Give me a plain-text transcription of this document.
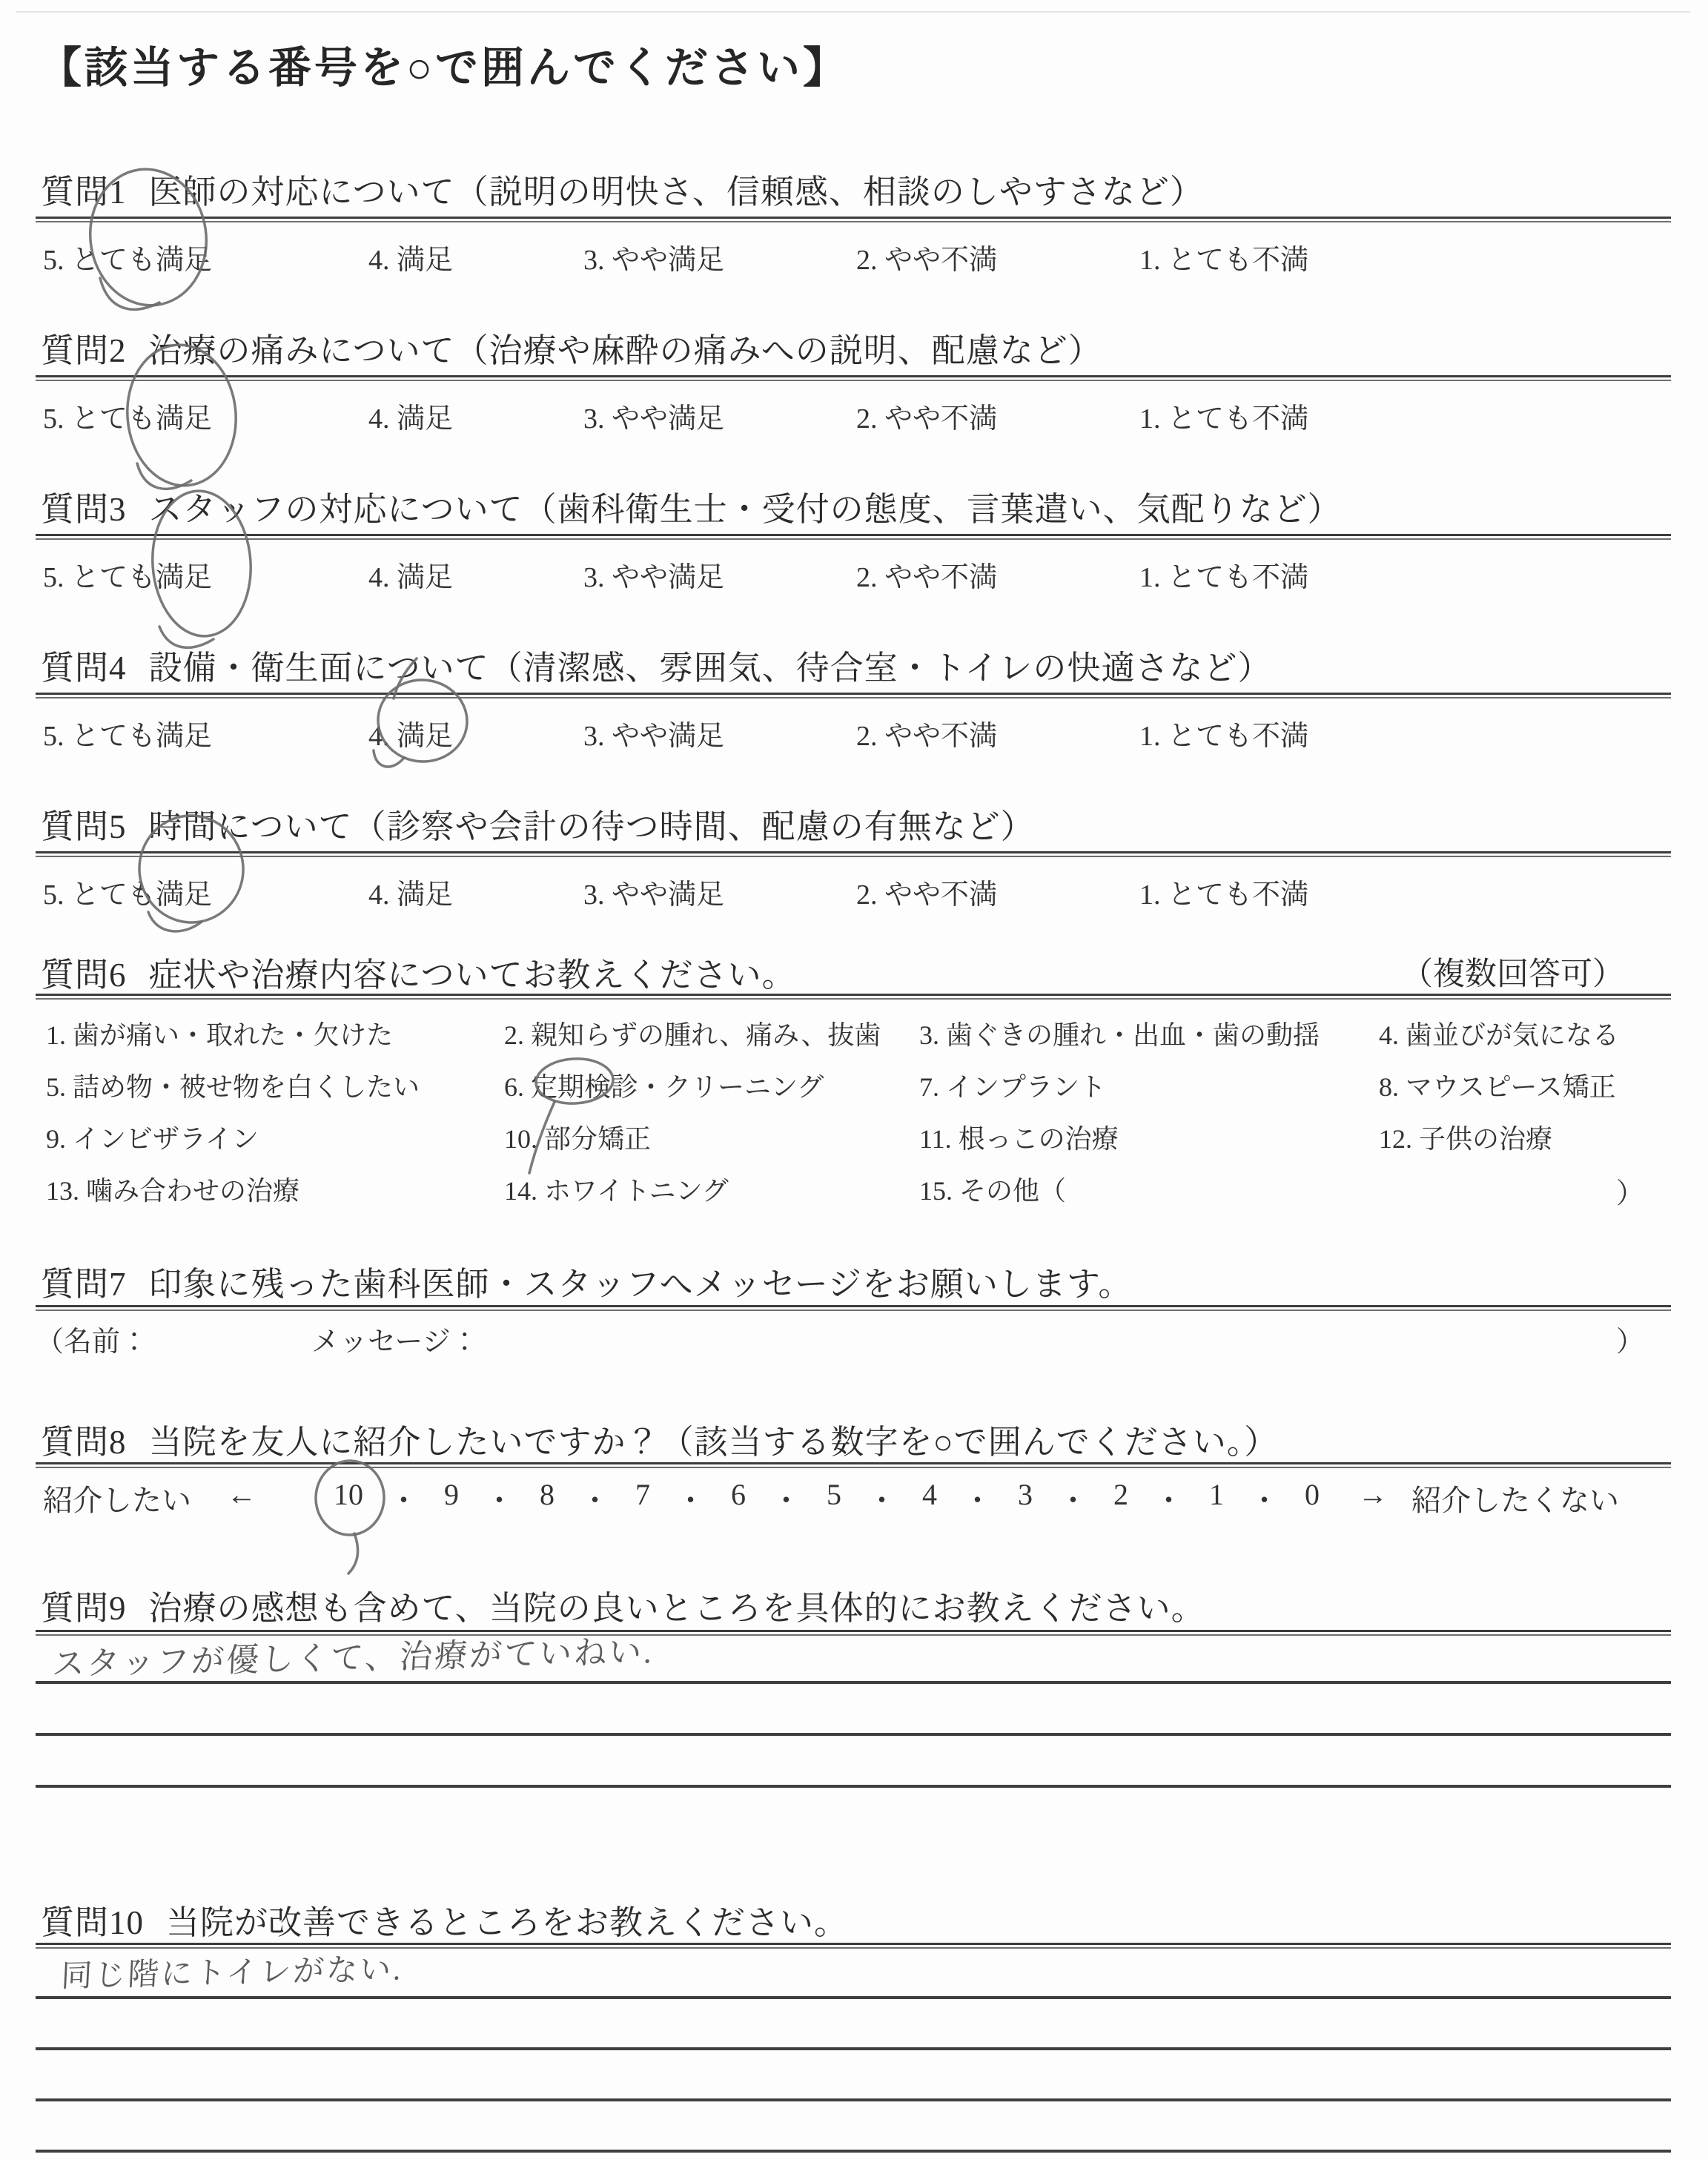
【該当する番号を○で囲んでください】
質問1 医師の対応について（説明の明快さ、信頼感、相談のしやすさなど）
5. とても満足	4. 満足	3. やや満足	2. やや不満	1. とても不満
質問2 治療の痛みについて（治療や麻酔の痛みへの説明、配慮など）
5. とても満足	4. 満足	3. やや満足	2. やや不満	1. とても不満
質問3 スタッフの対応について（歯科衛生士・受付の態度、言葉遣い、気配りなど）
5. とても満足	4. 満足	3. やや満足	2. やや不満	1. とても不満
質問4 設備・衛生面について（清潔感、雰囲気、待合室・トイレの快適さなど）
5. とても満足	4. 満足	3. やや満足	2. やや不満	1. とても不満
質問5 時間について（診察や会計の待つ時間、配慮の有無など）
5. とても満足	4. 満足	3. やや満足	2. やや不満	1. とても不満
質問6 症状や治療内容についてお教えください。	（複数回答可）
1. 歯が痛い・取れた・欠けた	2. 親知らずの腫れ、痛み、抜歯 3. 歯ぐきの腫れ・出血・歯の動揺 4. 歯並びが気になる
5. 詰め物・被せ物を白くしたい	6. 定期検診・クリーニング	7. インプラント	8. マウスピース矯正
9. インビザライン	10. 部分矯正	11. 根っこの治療	12. 子供の治療
13. 噛み合わせの治療	14. ホワイトニング	15. その他（	）
質問7 印象に残った歯科医師・スタッフへメッセージをお願いします。
（名前：	メッセージ：	）
質問8 当院を友人に紹介したいですか？（該当する数字を○で囲んでください。）
紹介したい ←	10 ・ 9 ・ 8 ・ 7 ・ 6 ・ 5 ・ 4 ・ 3 ・ 2 ・ 1 ・ 0 → 紹介したくない
質問9 治療の感想も含めて、当院の良いところを具体的にお教えください。
スタッフが優しくて、治療がていねい.
質問10 当院が改善できるところをお教えください。
同じ階にトイレがない.
